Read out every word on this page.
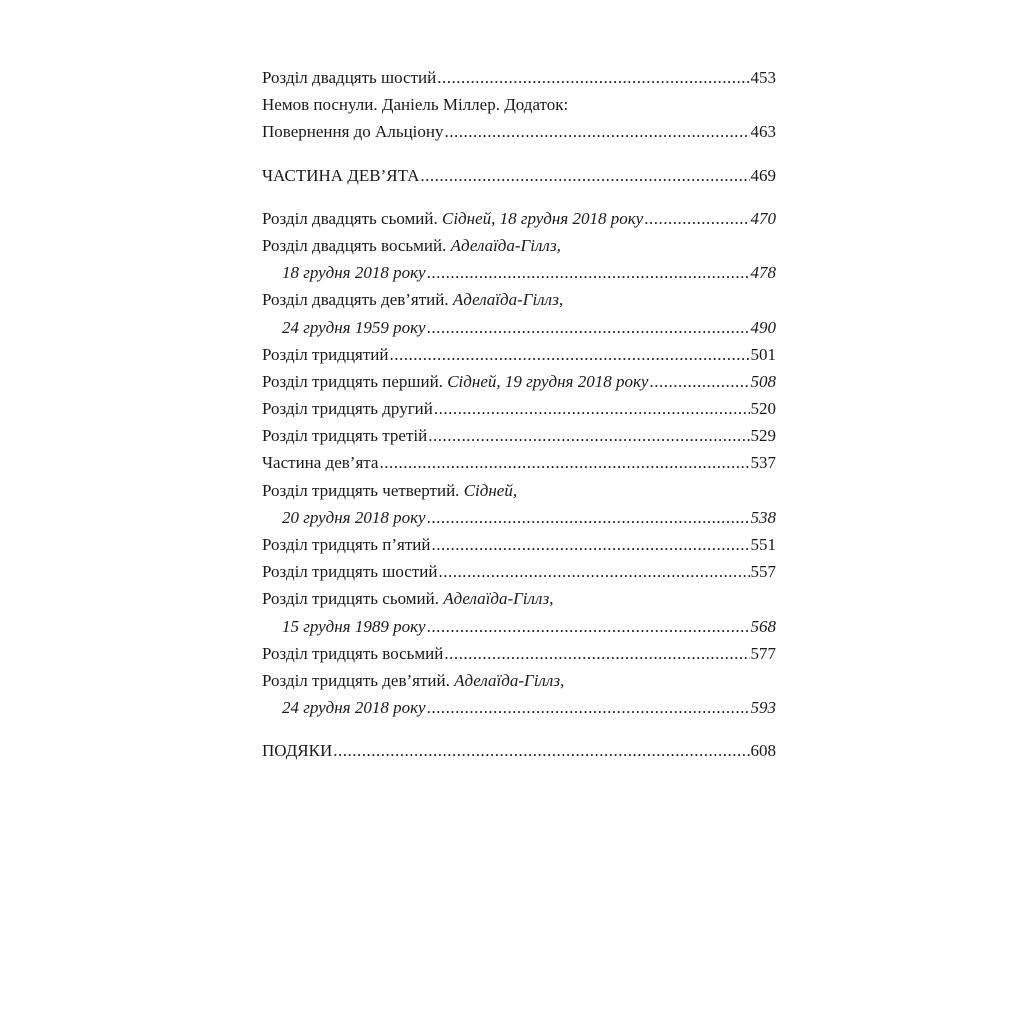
Розділ двадцять шостий .....	453
Немов поснули. Даніель Міллер. Додаток:
Повернення до Альціону .....	463
ЧАСТИНА ДЕВ’ЯТА .....	469
Розділ двадцять сьомий. Сідней, 18 грудня 2018 року .....	470
Розділ двадцять восьмий. Аделаїда-Гіллз,
18 грудня 2018 року .....	478
Розділ двадцять дев’ятий. Аделаїда-Гіллз,
24 грудня 1959 року .....	490
Розділ тридцятий .....	501
Розділ тридцять перший. Сідней, 19 грудня 2018 року .....	508
Розділ тридцять другий .....	520
Розділ тридцять третій .....	529
Частина дев’ята .....	537
Розділ тридцять четвертий. Сідней,
20 грудня 2018 року .....	538
Розділ тридцять п’ятий .....	551
Розділ тридцять шостий .....	557
Розділ тридцять сьомий. Аделаїда-Гіллз,
15 грудня 1989 року .....	568
Розділ тридцять восьмий .....	577
Розділ тридцять дев’ятий. Аделаїда-Гіллз,
24 грудня 2018 року .....	593
ПОДЯКИ .....	608
